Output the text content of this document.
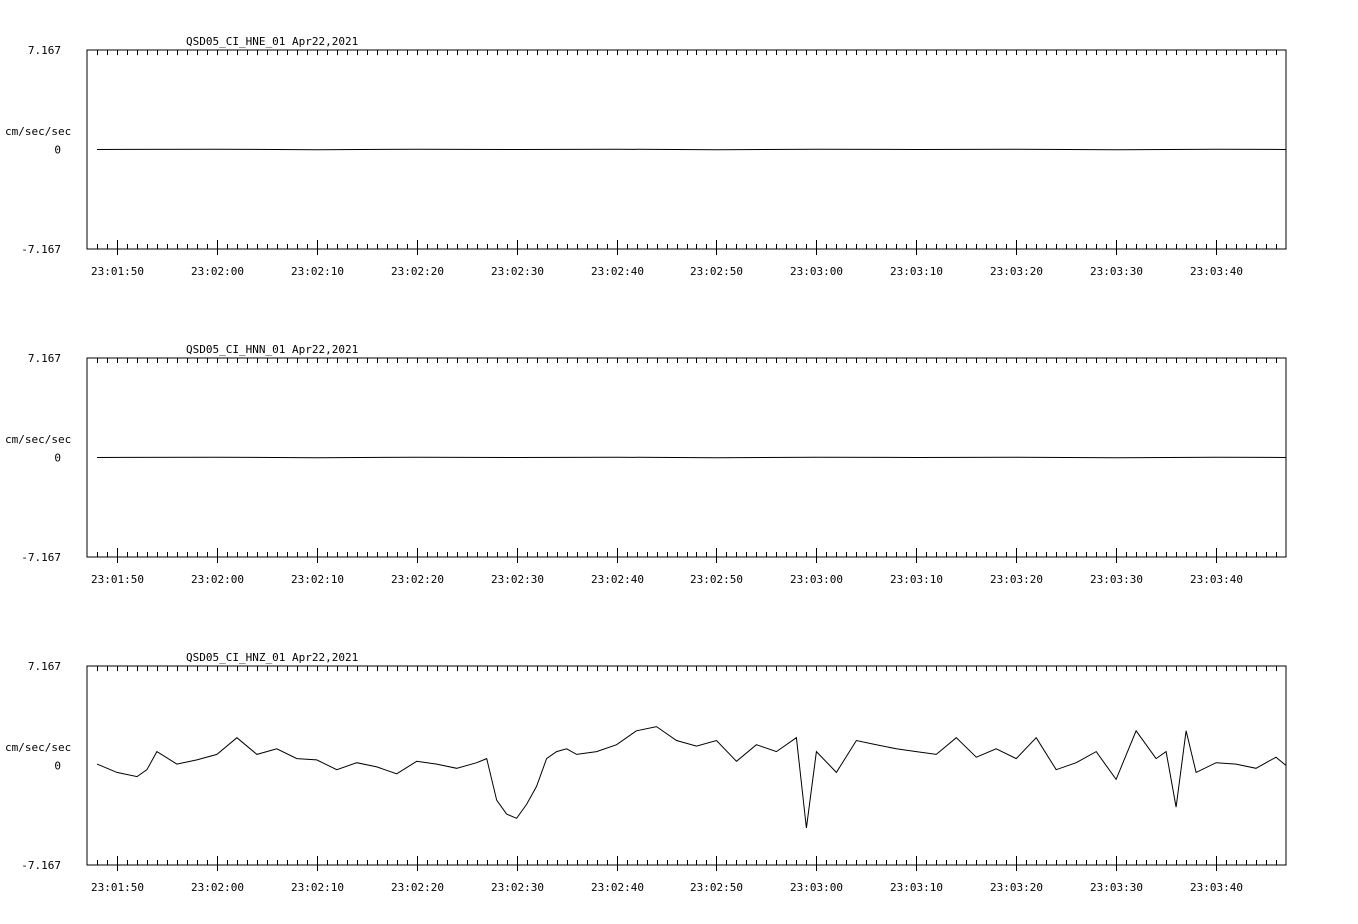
QSD05_CI_HNE_01 Apr22,2021
7.167
0
-7.167
cm/sec/sec
23:01:50	23:02:00	23:02:10	23:02:20	23:02:30	23:02:40	23:02:50	23:03:00	23:03:10	23:03:20	23:03:30	23:03:40
QSD05_CI_HNN_01 Apr22,2021
7.167
0
-7.167
cm/sec/sec
23:01:50	23:02:00	23:02:10	23:02:20	23:02:30	23:02:40	23:02:50	23:03:00	23:03:10	23:03:20	23:03:30	23:03:40
QSD05_CI_HNZ_01 Apr22,2021
7.167
0
-7.167
cm/sec/sec
23:01:50	23:02:00	23:02:10	23:02:20	23:02:30	23:02:40	23:02:50	23:03:00	23:03:10	23:03:20	23:03:30	23:03:40
